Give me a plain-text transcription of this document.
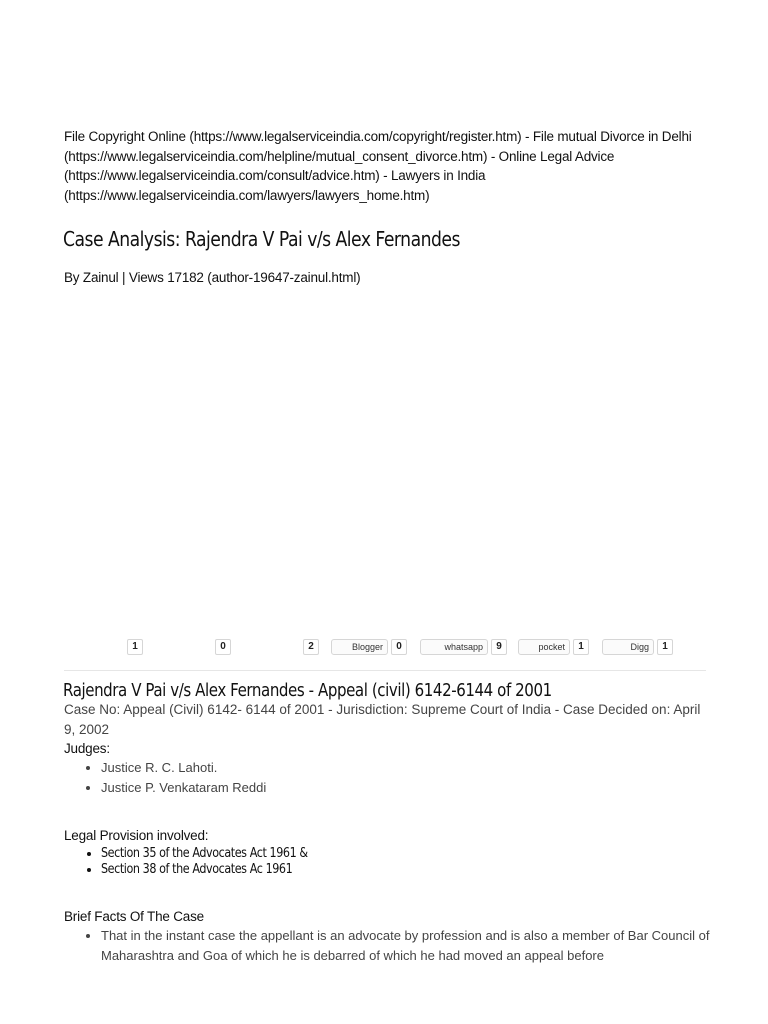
File Copyright Online (https://www.legalserviceindia.com/copyright/register.htm) - File mutual Divorce in Delhi (https://www.legalserviceindia.com/helpline/mutual_consent_divorce.htm) - Online Legal Advice (https://www.legalserviceindia.com/consult/advice.htm) - Lawyers in India (https://www.legalserviceindia.com/lawyers/lawyers_home.htm)
Case Analysis: Rajendra V Pai v/s Alex Fernandes
By Zainul | Views 17182 (author-19647-zainul.html)
1	0	2	Blogger	0	whatsapp	9	pocket	1	Digg	1
Rajendra V Pai v/s Alex Fernandes - Appeal (civil) 6142-6144 of 2001
Case No: Appeal (Civil) 6142- 6144 of 2001 - Jurisdiction: Supreme Court of India - Case Decided on: April 9, 2002
Judges:
• Justice R. C. Lahoti.
• Justice P. Venkataram Reddi
Legal Provision involved:
• Section 35 of the Advocates Act 1961 &
• Section 38 of the Advocates Ac 1961
Brief Facts Of The Case
• That in the instant case the appellant is an advocate by profession and is also a member of Bar Council of Maharashtra and Goa of which he is debarred of which he had moved an appeal before
